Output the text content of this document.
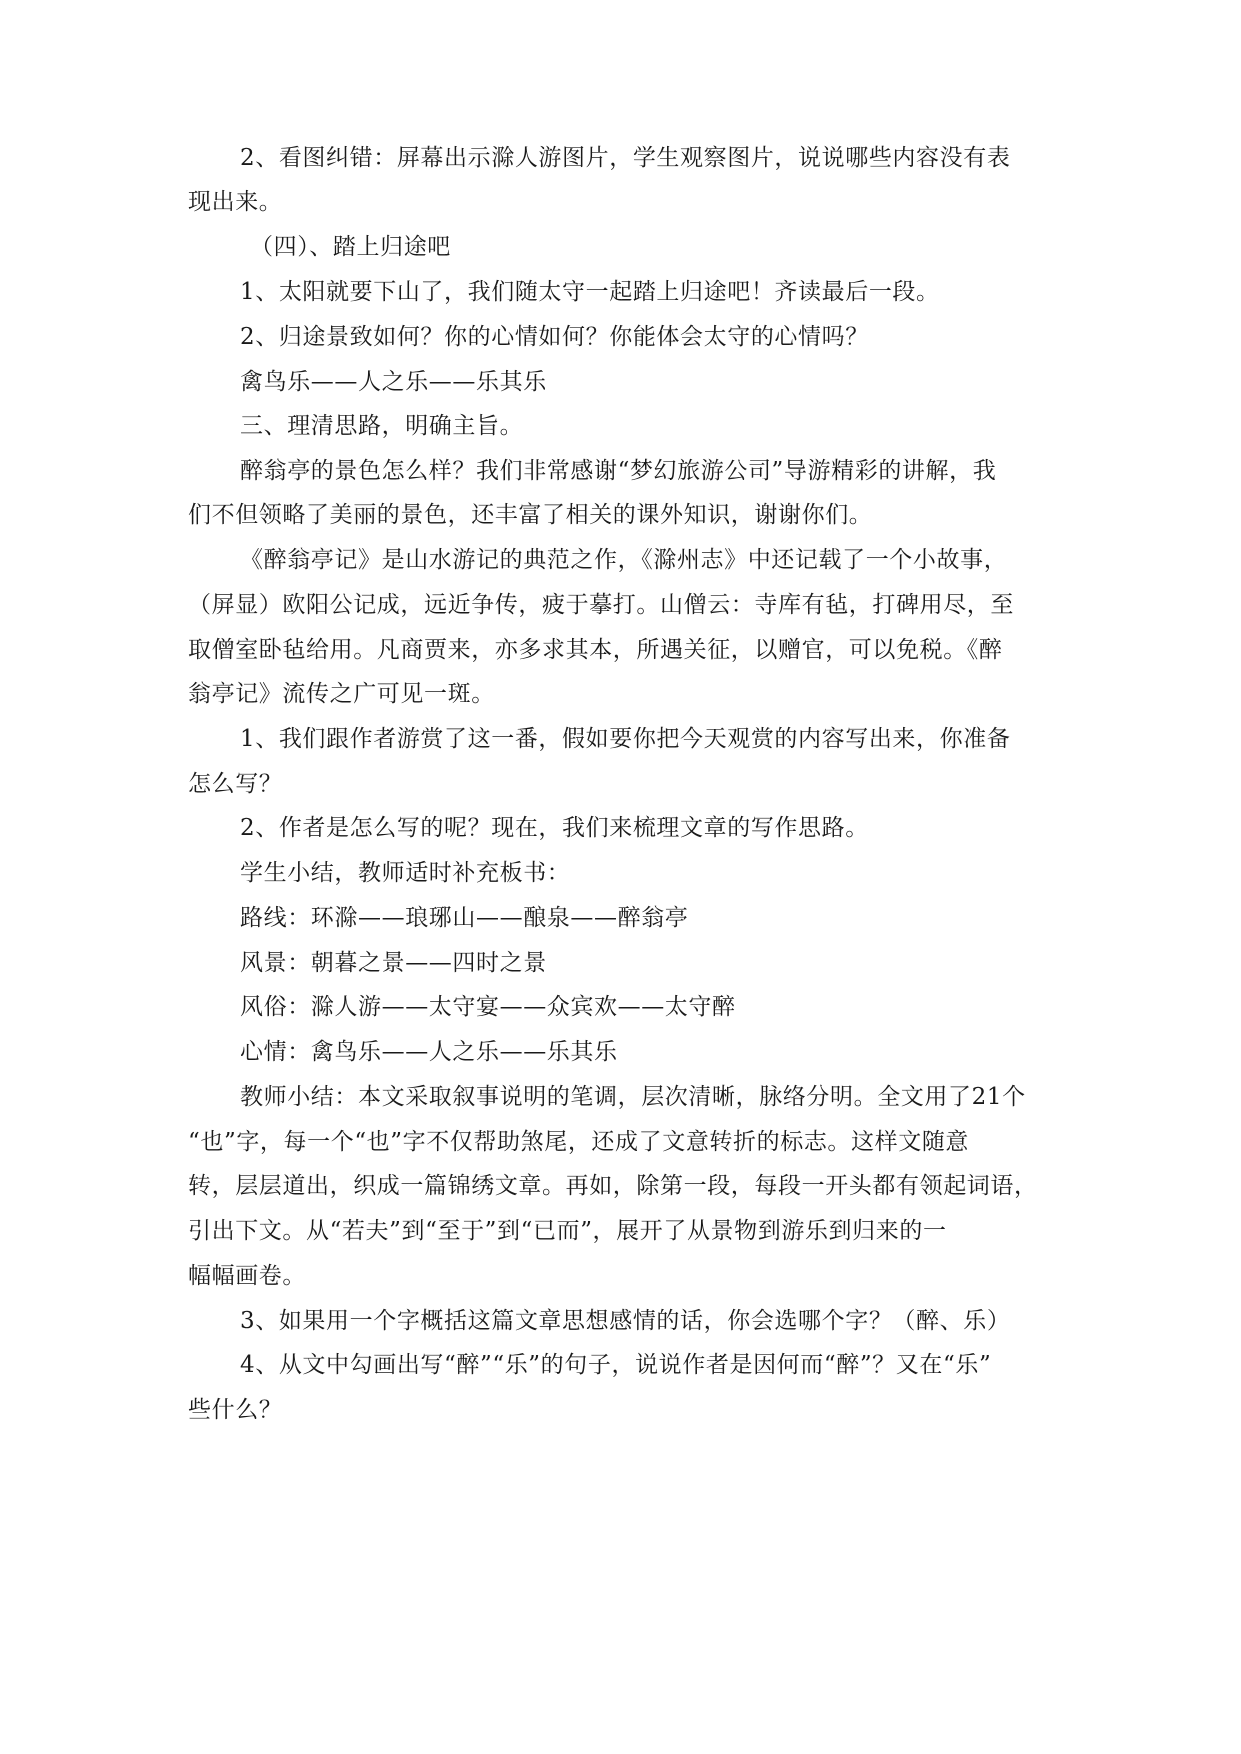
2、看图纠错：屏幕出示滁人游图片，学生观察图片，说说哪些内容没有表
现出来。
（四）、踏上归途吧
1、太阳就要下山了，我们随太守一起踏上归途吧！齐读最后一段。
2、归途景致如何？你的心情如何？你能体会太守的心情吗？
禽鸟乐——人之乐——乐其乐
三、理清思路，明确主旨。
醉翁亭的景色怎么样？我们非常感谢“梦幻旅游公司”导游精彩的讲解，我
们不但领略了美丽的景色，还丰富了相关的课外知识，谢谢你们。
《醉翁亭记》是山水游记的典范之作，《滁州志》中还记载了一个小故事，
（屏显）欧阳公记成，远近争传，疲于摹打。山僧云：寺库有毡，打碑用尽，至
取僧室卧毡给用。凡商贾来，亦多求其本，所遇关征，以赠官，可以免税。《醉
翁亭记》流传之广可见一斑。
1、我们跟作者游赏了这一番，假如要你把今天观赏的内容写出来，你准备
怎么写？
2、作者是怎么写的呢？现在，我们来梳理文章的写作思路。
学生小结，教师适时补充板书：
路线：环滁——琅琊山——酿泉——醉翁亭
风景：朝暮之景——四时之景
风俗：滁人游——太守宴——众宾欢——太守醉
心情：禽鸟乐——人之乐——乐其乐
教师小结：本文采取叙事说明的笔调，层次清晰，脉络分明。全文用了21个
“也”字，每一个“也”字不仅帮助煞尾，还成了文意转折的标志。这样文随意
转，层层道出，织成一篇锦绣文章。再如，除第一段，每段一开头都有领起词语，
引出下文。从“若夫”到“至于”到“已而”，展开了从景物到游乐到归来的一
幅幅画卷。
3、如果用一个字概括这篇文章思想感情的话，你会选哪个字？（醉、乐）
4、从文中勾画出写“醉”“乐”的句子，说说作者是因何而“醉”？又在“乐”
些什么？
